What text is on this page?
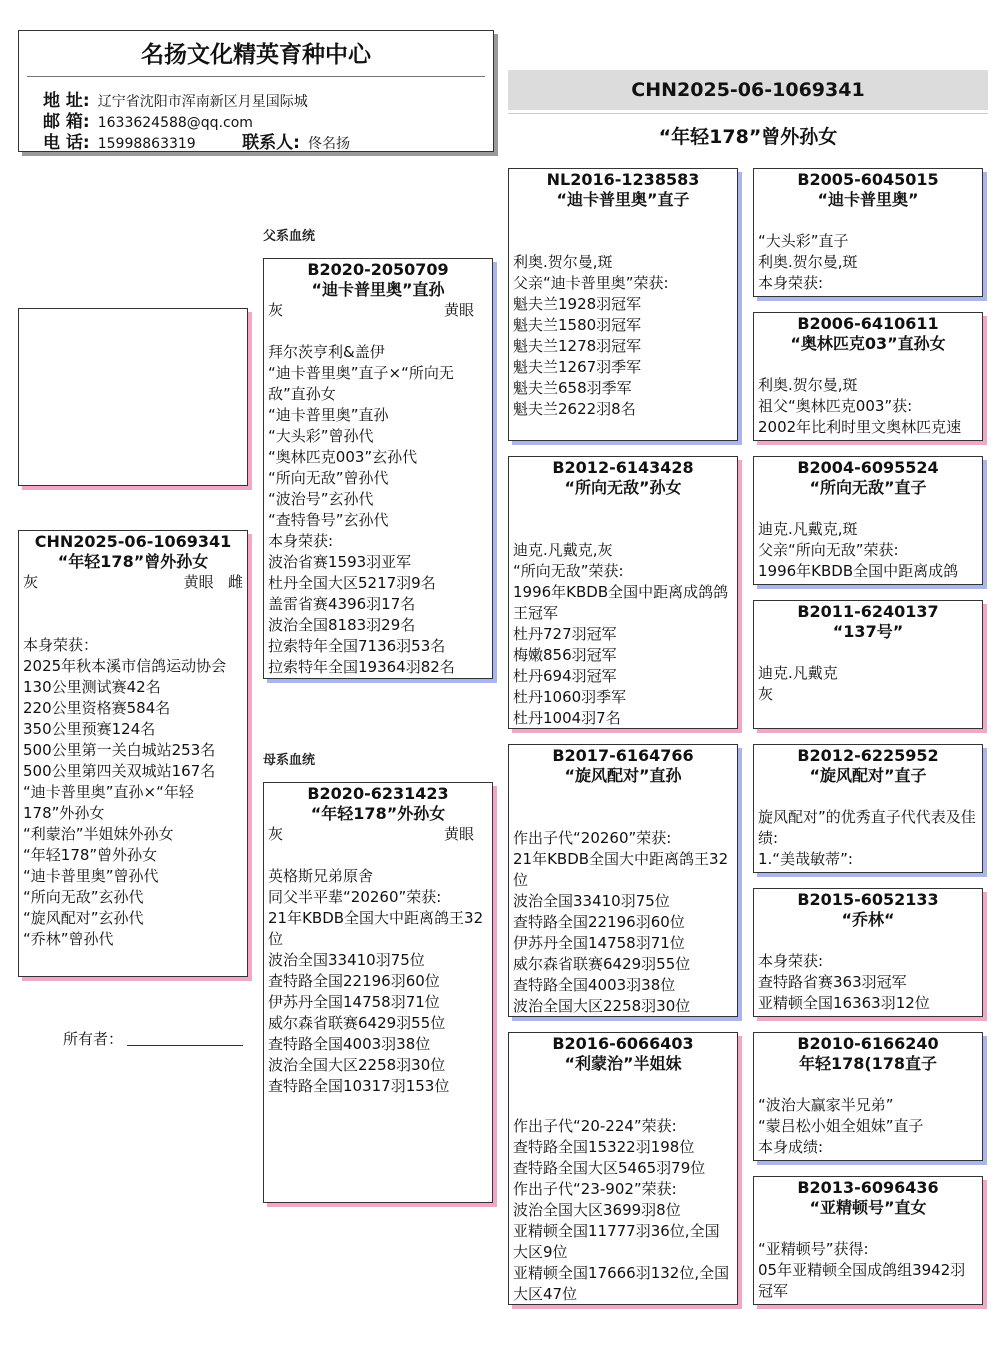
名扬文化精英育种中心
地 址: 辽宁省沈阳市浑南新区月星国际城
邮 箱: 1633624588@qq.com
电 话: 15998863319	联系人: 佟名扬
CHN2025-06-1069341
“年轻178”曾外孙女
CHN2025-06-1069341
“年轻178”曾外孙女
灰	黄眼 雌
本身荣获：
2025年秋本溪市信鸽运动协会
130公里测试赛42名
220公里资格赛584名
350公里预赛124名
500公里第一关白城站253名
500公里第四关双城站167名
“迪卡普里奥”直孙×“年轻178”外孙女
“利蒙治”半姐妹外孙女
“年轻178”曾外孙女
“迪卡普里奥”曾孙代
“所向无敌”玄孙代
“旋风配对”玄孙代
“乔林”曾孙代
所有者：
父系血统
母系血统
B2020-2050709
“迪卡普里奥”直孙
灰	黄眼

拜尔茨亨利&盖伊
“迪卡普里奥”直子×“所向无敌”直孙女
“迪卡普里奥”直孙
“大头彩”曾孙代
“奥林匹克003”玄孙代
“所向无敌”曾孙代
“波治号”玄孙代
“查特鲁号”玄孙代
本身荣获:
波治省赛1593羽亚军
杜丹全国大区5217羽9名
盖雷省赛4396羽17名
波治全国8183羽29名
拉索特年全国7136羽53名
拉索特年全国19364羽82名
B2020-6231423
“年轻178”外孙女
灰	黄眼

英格斯兄弟原舍
同父半平辈“20260”荣获:
21年KBDB全国大中距离鸽王32位
波治全国33410羽75位
查特路全国22196羽60位
伊苏丹全国14758羽71位
威尔森省联赛6429羽55位
查特路全国4003羽38位
波治全国大区2258羽30位
查特路全国10317羽153位
NL2016-1238583
“迪卡普里奥”直子

利奥.贺尔曼,斑
父亲“迪卡普里奥”荣获:
魁夫兰1928羽冠军
魁夫兰1580羽冠军
魁夫兰1278羽冠军
魁夫兰1267羽季军
魁夫兰658羽季军
魁夫兰2622羽8名
B2012-6143428
“所向无敌”孙女

迪克.凡戴克,灰
“所向无敌”荣获:
1996年KBDB全国中距离成鸽鸽王冠军
杜丹727羽冠军
梅嫩856羽冠军
杜丹694羽冠军
杜丹1060羽季军
杜丹1004羽7名
B2017-6164766
“旋风配对”直孙

作出子代“20260”荣获:
21年KBDB全国大中距离鸽王32位
波治全国33410羽75位
查特路全国22196羽60位
伊苏丹全国14758羽71位
威尔森省联赛6429羽55位
查特路全国4003羽38位
波治全国大区2258羽30位
B2016-6066403
“利蒙治”半姐妹

作出子代“20-224”荣获:
查特路全国15322羽198位
查特路全国大区5465羽79位
作出子代“23-902”荣获:
波治全国大区3699羽8位
亚精顿全国11777羽36位,全国大区9位
亚精顿全国17666羽132位,全国大区47位
B2005-6045015
“迪卡普里奥”

“大头彩”直子
利奥.贺尔曼,斑
本身荣获:
B2006-6410611
“奥林匹克03”直孙女

利奥.贺尔曼,斑
祖父“奥林匹克003”获:
2002年比利时里文奥林匹克速
B2004-6095524
“所向无敌”直子

迪克.凡戴克,斑
父亲“所向无敌”荣获:
1996年KBDB全国中距离成鸽
B2011-6240137
“137号”

迪克.凡戴克
灰
B2012-6225952
“旋风配对”直子

旋风配对”的优秀直子代代表及佳绩:
1.“美哉敏蒂”:
B2015-6052133
“乔林“

本身荣获:
查特路省赛363羽冠军
亚精顿全国16363羽12位
B2010-6166240
年轻178(178直子

“波治大赢家半兄弟”
“蒙吕松小姐全姐妹”直子
本身成绩:
B2013-6096436
“亚精顿号”直女

“亚精顿号”获得:
05年亚精顿全国成鸽组3942羽冠军
